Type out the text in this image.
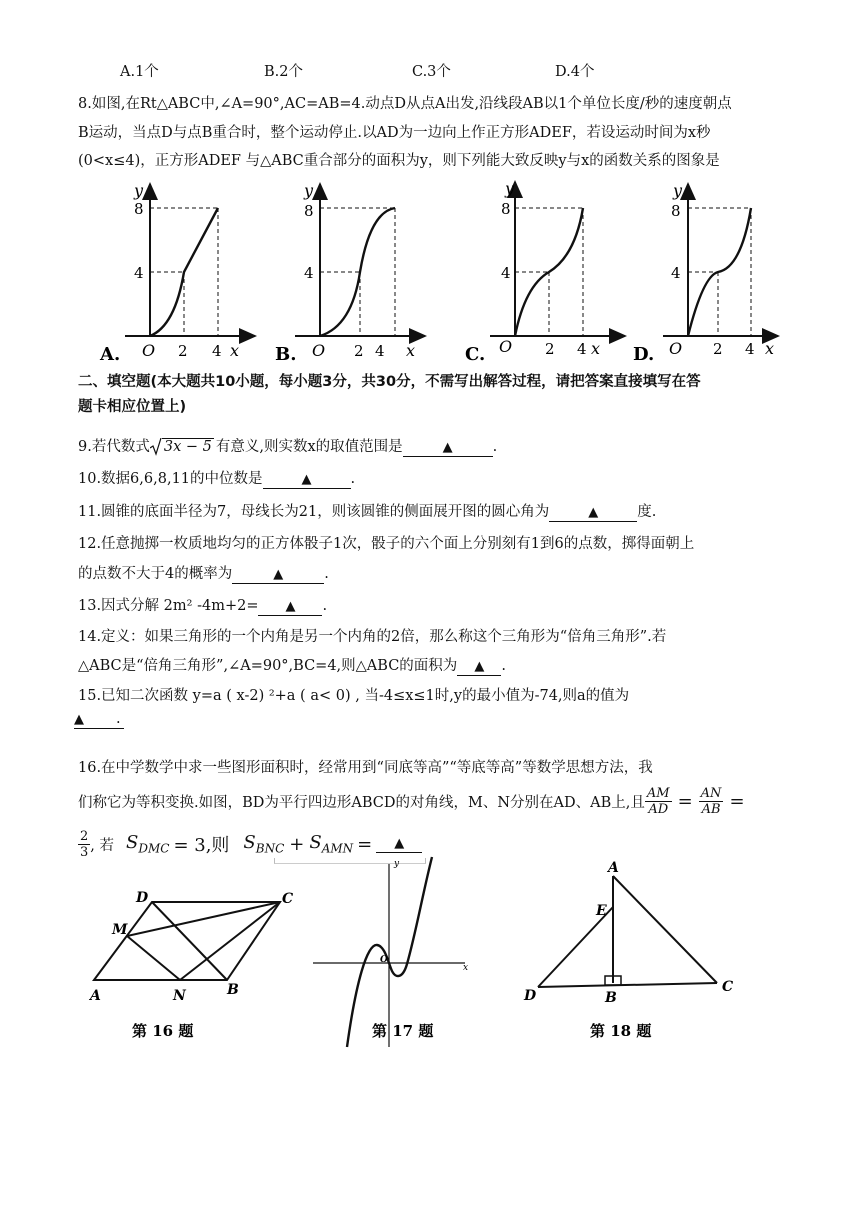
A.1个	B.2个	C.3个	D.4个
8.如图,在Rt△ABC中,∠A=90°,AC=AB=4.动点D从点A出发,沿线段AB以1个单位长度/秒的速度朝点
B运动，当点D与点B重合时，整个运动停止.以AD为一边向上作正方形ADEF，若设运动时间为x秒
(0<x≤4)，正方形ADEF 与△ABC重合部分的面积为y，则下列能大致反映y与x的函数关系的图象是
y
8
4
O 2 4 x
A.
y
8
4
O 2 4 x
B.
y
8
4
O 2 4 x
C.
y
8
4
O 2 4 x
D.
二、填空题(本大题共10小题，每小题3分，共30分，不需写出解答过程，请把答案直接填写在答
题卡相应位置上)
9.若代数式 3x − 5 有意义,则实数x的取值范围是	▲	.
10.数据6,6,8,11的中位数是	▲	.
11.圆锥的底面半径为7，母线长为21，则该圆锥的侧面展开图的圆心角为	▲	度.
12.任意抛掷一枚质地均匀的正方体骰子1次，骰子的六个面上分别刻有1到6的点数，掷得面朝上
的点数不大于4的概率为	▲	.
13.因式分解 2m² -4m+2= ▲ .
14.定义：如果三角形的一个内角是另一个内角的2倍，那么称这个三角形为“倍角三角形”.若
△ABC是“倍角三角形”,∠A=90°,BC=4,则△ABC的面积为 ▲ .
15.已知二次函数 y=a ( x-2) ²+a ( a< 0) , 当-4≤x≤1时,y的最小值为-74,则a的值为
▲ .
16.在中学数学中求一些图形面积时，经常用到“同底等高”“等底等高”等数学思想方法，我
们称它为等积变换.如图，BD为平行四边形ABCD的对角线，M、N分别在AD、AB上,且 $\frac{AM}{AD} = \frac{AN}{AB}$ =
$\frac{2}{3}$ , 若 $S_{DMC} = 3$,则 $S_{BNC} + S_{AMN}$ =	▲
D	C
M
A	N	B
第 16 题
y
x
O
第 17 题
A
E
D	B
C
第 18 题
